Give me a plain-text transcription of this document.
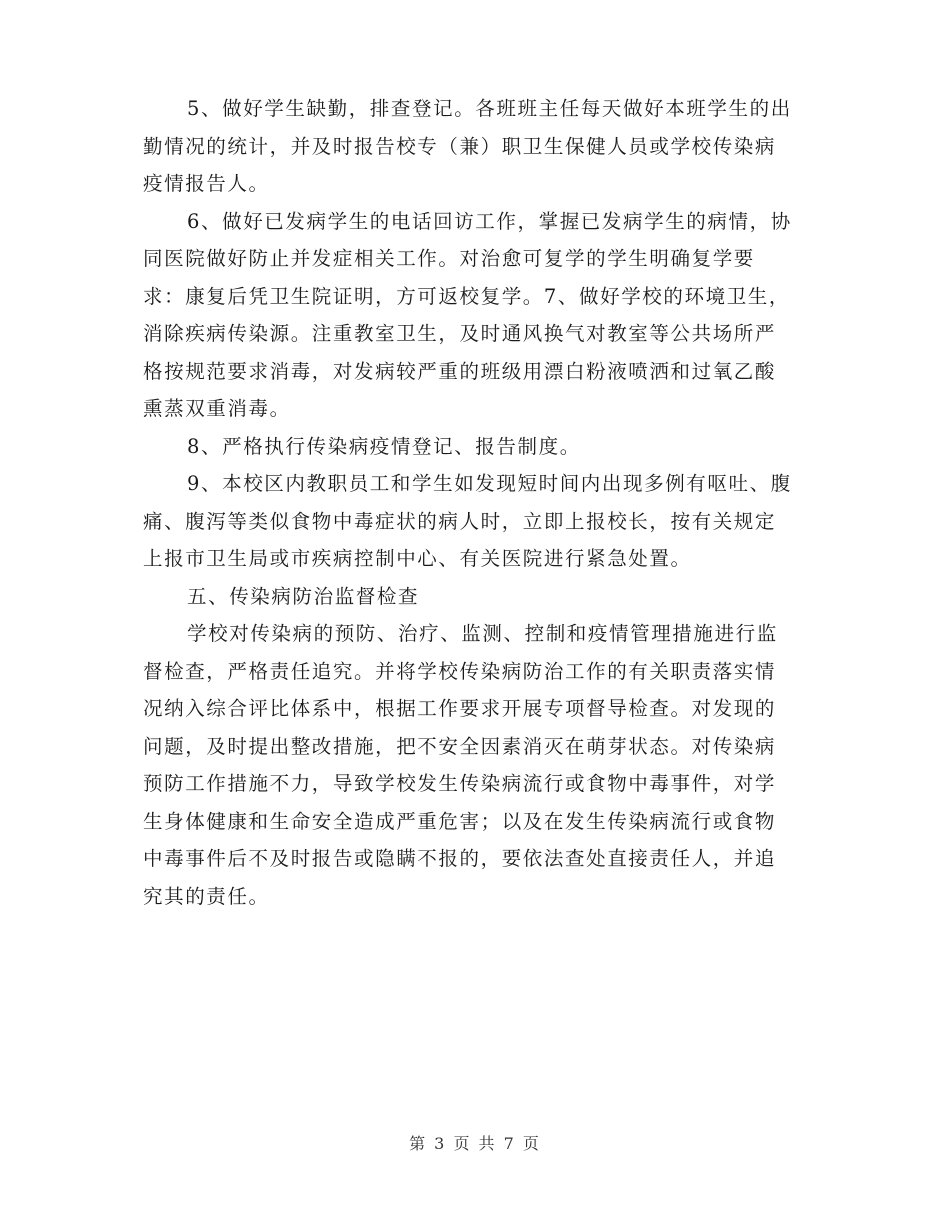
5、做好学生缺勤，排查登记。各班班主任每天做好本班学生的出
勤情况的统计，并及时报告校专（兼）职卫生保健人员或学校传染病
疫情报告人。
6、做好已发病学生的电话回访工作，掌握已发病学生的病情，协
同医院做好防止并发症相关工作。对治愈可复学的学生明确复学要
求：康复后凭卫生院证明，方可返校复学。7、做好学校的环境卫生，
消除疾病传染源。注重教室卫生，及时通风换气对教室等公共场所严
格按规范要求消毒，对发病较严重的班级用漂白粉液喷洒和过氧乙酸
熏蒸双重消毒。
8、严格执行传染病疫情登记、报告制度。
9、本校区内教职员工和学生如发现短时间内出现多例有呕吐、腹
痛、腹泻等类似食物中毒症状的病人时，立即上报校长，按有关规定
上报市卫生局或市疾病控制中心、有关医院进行紧急处置。
五、传染病防治监督检查
学校对传染病的预防、治疗、监测、控制和疫情管理措施进行监
督检查，严格责任追究。并将学校传染病防治工作的有关职责落实情
况纳入综合评比体系中，根据工作要求开展专项督导检查。对发现的
问题，及时提出整改措施，把不安全因素消灭在萌芽状态。对传染病
预防工作措施不力，导致学校发生传染病流行或食物中毒事件，对学
生身体健康和生命安全造成严重危害；以及在发生传染病流行或食物
中毒事件后不及时报告或隐瞒不报的，要依法查处直接责任人，并追
究其的责任。
第 3 页 共 7 页
